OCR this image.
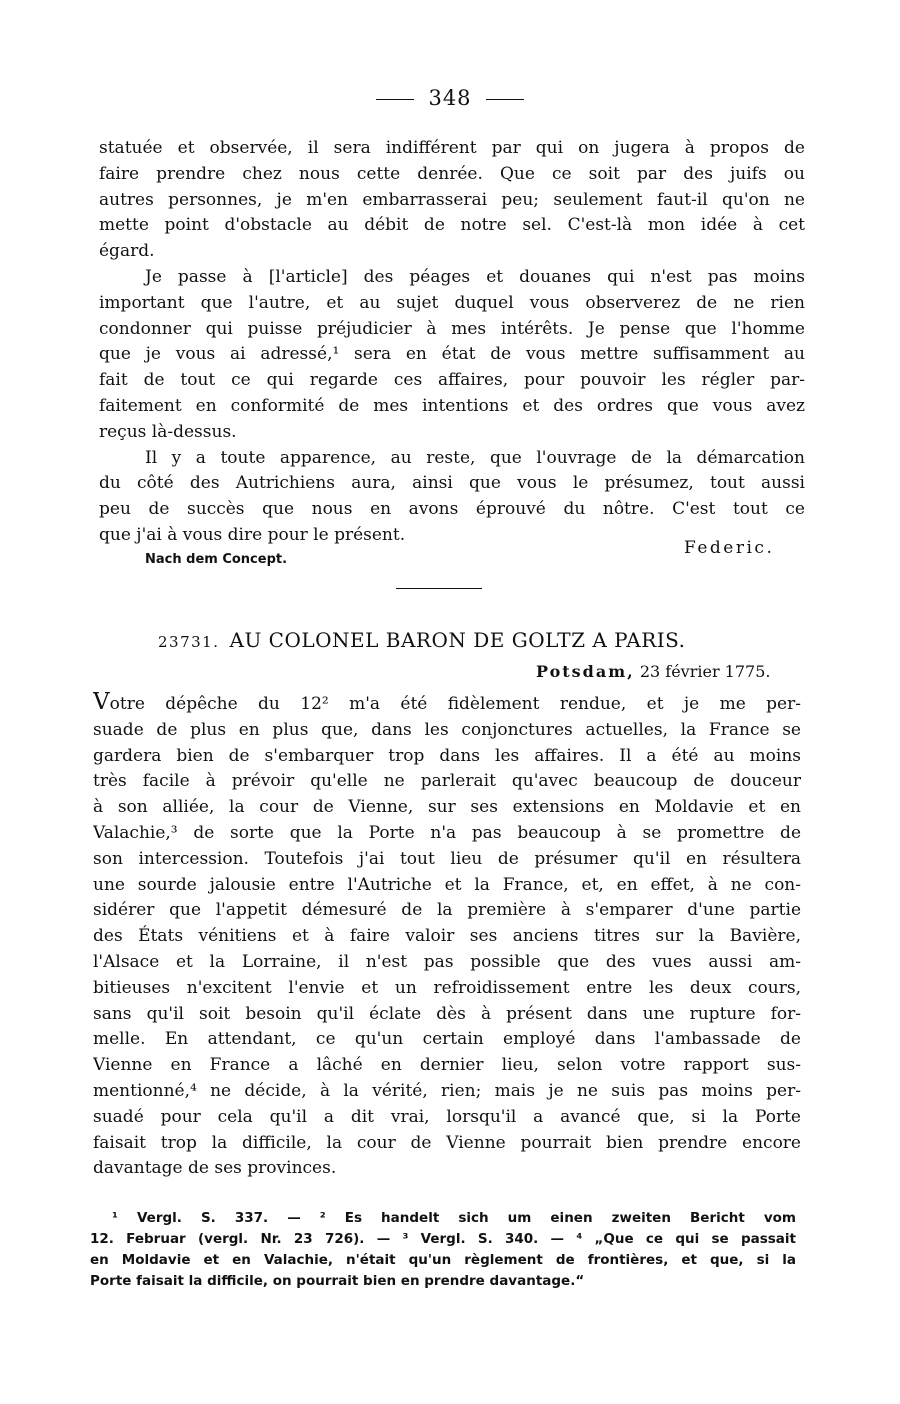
348
statuée et observée, il sera indifférent par qui on jugera à propos de
faire prendre chez nous cette denrée. Que ce soit par des juifs ou
autres personnes, je m'en embarrasserai peu; seulement faut-il qu'on ne
mette point d'obstacle au débit de notre sel. C'est-là mon idée à cet
égard.
Je passe à [l'article] des péages et douanes qui n'est pas moins
important que l'autre, et au sujet duquel vous observerez de ne rien
condonner qui puisse préjudicier à mes intérêts. Je pense que l'homme
que je vous ai adressé,¹ sera en état de vous mettre suffisamment au
fait de tout ce qui regarde ces affaires, pour pouvoir les régler par-
faitement en conformité de mes intentions et des ordres que vous avez
reçus là-dessus.
Il y a toute apparence, au reste, que l'ouvrage de la démarcation
du côté des Autrichiens aura, ainsi que vous le présumez, tout aussi
peu de succès que nous en avons éprouvé du nôtre. C'est tout ce
que j'ai à vous dire pour le présent.
Nach dem Concept.
Federic.
23731. AU COLONEL BARON DE GOLTZ A PARIS.
Potsdam, 23 février 1775.
Votre dépêche du 12² m'a été fidèlement rendue, et je me per-
suade de plus en plus que, dans les conjonctures actuelles, la France se
gardera bien de s'embarquer trop dans les affaires. Il a été au moins
très facile à prévoir qu'elle ne parlerait qu'avec beaucoup de douceur
à son alliée, la cour de Vienne, sur ses extensions en Moldavie et en
Valachie,³ de sorte que la Porte n'a pas beaucoup à se promettre de
son intercession. Toutefois j'ai tout lieu de présumer qu'il en résultera
une sourde jalousie entre l'Autriche et la France, et, en effet, à ne con-
sidérer que l'appetit démesuré de la première à s'emparer d'une partie
des États vénitiens et à faire valoir ses anciens titres sur la Bavière,
l'Alsace et la Lorraine, il n'est pas possible que des vues aussi am-
bitieuses n'excitent l'envie et un refroidissement entre les deux cours,
sans qu'il soit besoin qu'il éclate dès à présent dans une rupture for-
melle. En attendant, ce qu'un certain employé dans l'ambassade de
Vienne en France a lâché en dernier lieu, selon votre rapport sus-
mentionné,⁴ ne décide, à la vérité, rien; mais je ne suis pas moins per-
suadé pour cela qu'il a dit vrai, lorsqu'il a avancé que, si la Porte
faisait trop la difficile, la cour de Vienne pourrait bien prendre encore
davantage de ses provinces.
¹ Vergl. S. 337. — ² Es handelt sich um einen zweiten Bericht vom
12. Februar (vergl. Nr. 23 726). — ³ Vergl. S. 340. — ⁴ „Que ce qui se passait
en Moldavie et en Valachie, n'était qu'un règlement de frontières, et que, si la
Porte faisait la difficile, on pourrait bien en prendre davantage.“
